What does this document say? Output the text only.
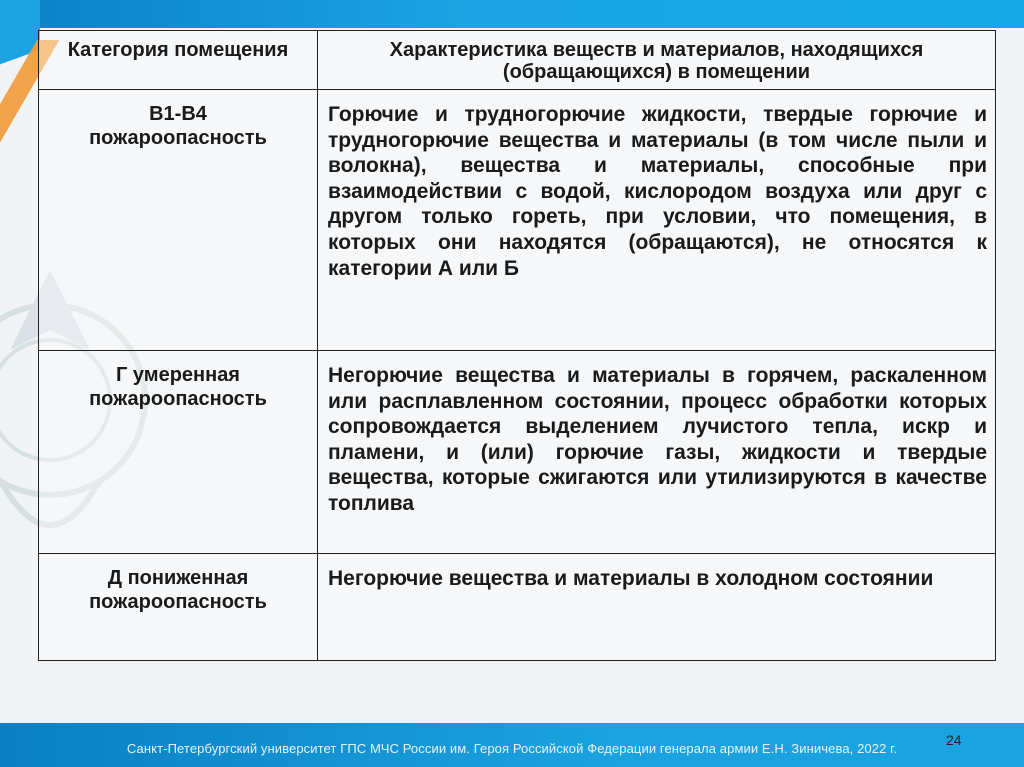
Категория помещения	Характеристика веществ и материалов, находящихся (обращающихся) в помещении
В1-В4 пожароопасность	Горючие и трудногорючие жидкости, твердые горючие и трудногорючие вещества и материалы (в том числе пыли и волокна), вещества и материалы, способные при взаимодействии с водой, кислородом воздуха или друг с другом только гореть, при условии, что помещения, в которых они находятся (обращаются), не относятся к категории А или Б
Г умеренная пожароопасность	Негорючие вещества и материалы в горячем, раскаленном или расплавленном состоянии, процесс обработки которых сопровождается выделением лучистого тепла, искр и пламени, и (или) горючие газы, жидкости и твердые вещества, которые сжигаются или утилизируются в качестве топлива
Д пониженная пожароопасность	Негорючие вещества и материалы в холодном состоянии
24
Санкт-Петербургский университет ГПС МЧС России им. Героя Российской Федерации генерала армии Е.Н. Зиничева, 2022 г.
